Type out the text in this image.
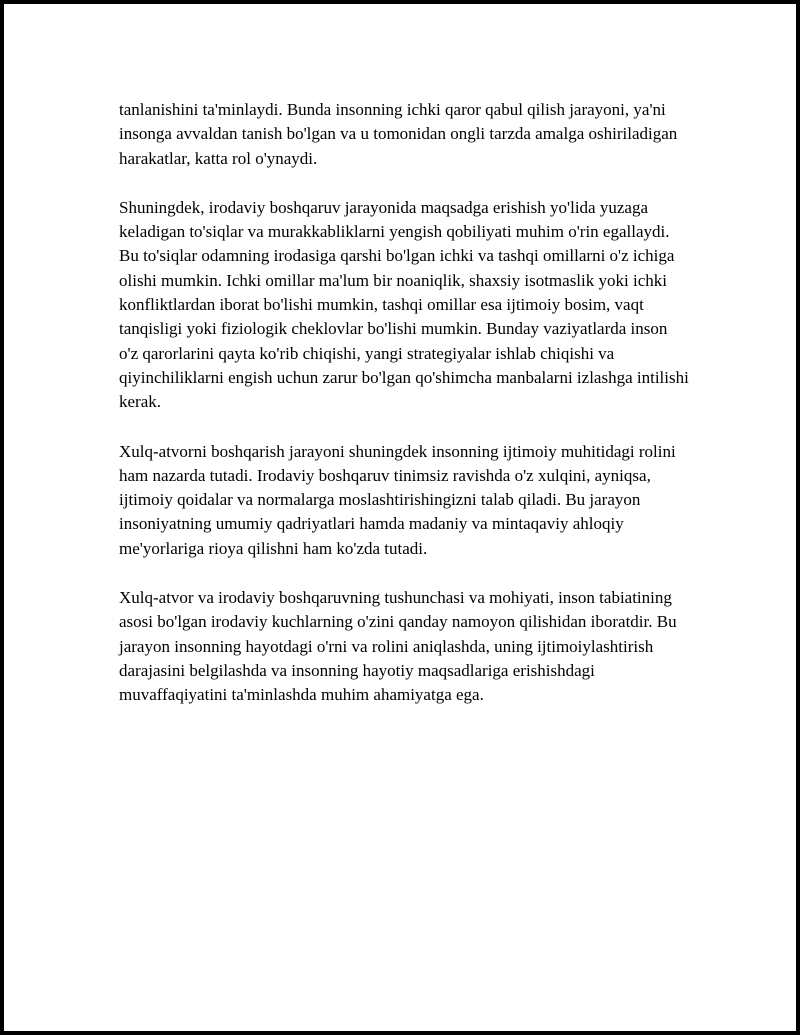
tanlanishini ta'minlaydi. Bunda insonning ichki qaror qabul qilish jarayoni, ya'ni insonga avvaldan tanish bo'lgan va u tomonidan ongli tarzda amalga oshiriladigan harakatlar, katta rol o'ynaydi.

Shuningdek, irodaviy boshqaruv jarayonida maqsadga erishish yo'lida yuzaga keladigan to'siqlar va murakkabliklarni yengish qobiliyati muhim o'rin egallaydi. Bu to'siqlar odamning irodasiga qarshi bo'lgan ichki va tashqi omillarni o'z ichiga olishi mumkin. Ichki omillar ma'lum bir noaniqlik, shaxsiy isotmaslik yoki ichki konfliktlardan iborat bo'lishi mumkin, tashqi omillar esa ijtimoiy bosim, vaqt tanqisligi yoki fiziologik cheklovlar bo'lishi mumkin. Bunday vaziyatlarda inson o'z qarorlarini qayta ko'rib chiqishi, yangi strategiyalar ishlab chiqishi va qiyinchiliklarni engish uchun zarur bo'lgan qo'shimcha manbalarni izlashga intilishi kerak.

Xulq-atvorni boshqarish jarayoni shuningdek insonning ijtimoiy muhitidagi rolini ham nazarda tutadi. Irodaviy boshqaruv tinimsiz ravishda o'z xulqini, ayniqsa, ijtimoiy qoidalar va normalarga moslashtirishingizni talab qiladi. Bu jarayon insoniyatning umumiy qadriyatlari hamda madaniy va mintaqaviy ahloqiy me'yorlariga rioya qilishni ham ko'zda tutadi.

Xulq-atvor va irodaviy boshqaruvning tushunchasi va mohiyati, inson tabiatining asosi bo'lgan irodaviy kuchlarning o'zini qanday namoyon qilishidan iboratdir. Bu jarayon insonning hayotdagi o'rni va rolini aniqlashda, uning ijtimoiylashtirish darajasini belgilashda va insonning hayotiy maqsadlariga erishishdagi muvaffaqiyatini ta'minlashda muhim ahamiyatga ega.
